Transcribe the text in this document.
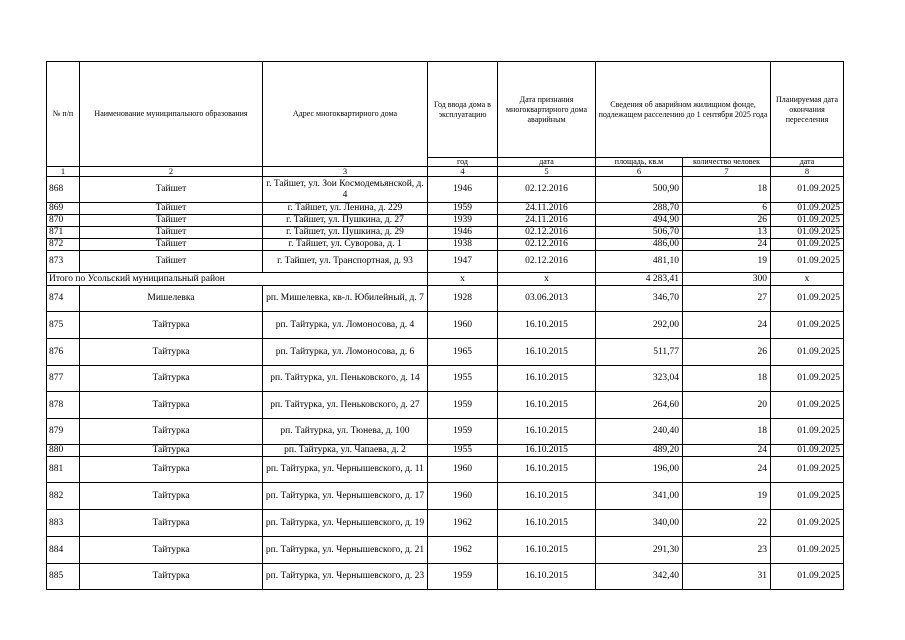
№ п/п	Наименование муниципального образования	Адрес многоквартирного дома	Год ввода дома в эксплуатацию	Дата признания многоквартирного дома аварийным	Сведения об аварийном жилищном фонде, подлежащем расселению до 1 сентября 2025 года		Планируемая дата окончания переселения
			год	дата	площадь, кв.м	количество человек	дата
1	2	3	4	5	6	7	8
868	Тайшет	г. Тайшет, ул. Зои Космодемьянской, д. 4	1946	02.12.2016	500,90	18	01.09.2025
869	Тайшет	г. Тайшет, ул. Ленина, д. 229	1959	24.11.2016	288,70	6	01.09.2025
870	Тайшет	г. Тайшет, ул. Пушкина, д. 27	1939	24.11.2016	494,90	26	01.09.2025
871	Тайшет	г. Тайшет, ул. Пушкина, д. 29	1946	02.12.2016	506,70	13	01.09.2025
872	Тайшет	г. Тайшет, ул. Суворова, д. 1	1938	02.12.2016	486,00	24	01.09.2025
873	Тайшет	г. Тайшет, ул. Транспортная, д. 93	1947	02.12.2016	481,10	19	01.09.2025
Итого по Усольский муниципальный район			х	х	4 283,41	300	х
874	Мишелевка	рп. Мишелевка, кв-л. Юбилейный, д. 7	1928	03.06.2013	346,70	27	01.09.2025
875	Тайтурка	рп. Тайтурка, ул. Ломоносова, д. 4	1960	16.10.2015	292,00	24	01.09.2025
876	Тайтурка	рп. Тайтурка, ул. Ломоносова, д. 6	1965	16.10.2015	511,77	26	01.09.2025
877	Тайтурка	рп. Тайтурка, ул. Пеньковского, д. 14	1955	16.10.2015	323,04	18	01.09.2025
878	Тайтурка	рп. Тайтурка, ул. Пеньковского, д. 27	1959	16.10.2015	264,60	20	01.09.2025
879	Тайтурка	рп. Тайтурка, ул. Тюнева, д. 100	1959	16.10.2015	240,40	18	01.09.2025
880	Тайтурка	рп. Тайтурка, ул. Чапаева, д. 2	1955	16.10.2015	489,20	24	01.09.2025
881	Тайтурка	рп. Тайтурка, ул. Чернышевского, д. 11	1960	16.10.2015	196,00	24	01.09.2025
882	Тайтурка	рп. Тайтурка, ул. Чернышевского, д. 17	1960	16.10.2015	341,00	19	01.09.2025
883	Тайтурка	рп. Тайтурка, ул. Чернышевского, д. 19	1962	16.10.2015	340,00	22	01.09.2025
884	Тайтурка	рп. Тайтурка, ул. Чернышевского, д. 21	1962	16.10.2015	291,30	23	01.09.2025
885	Тайтурка	рп. Тайтурка, ул. Чернышевского, д. 23	1959	16.10.2015	342,40	31	01.09.2025
